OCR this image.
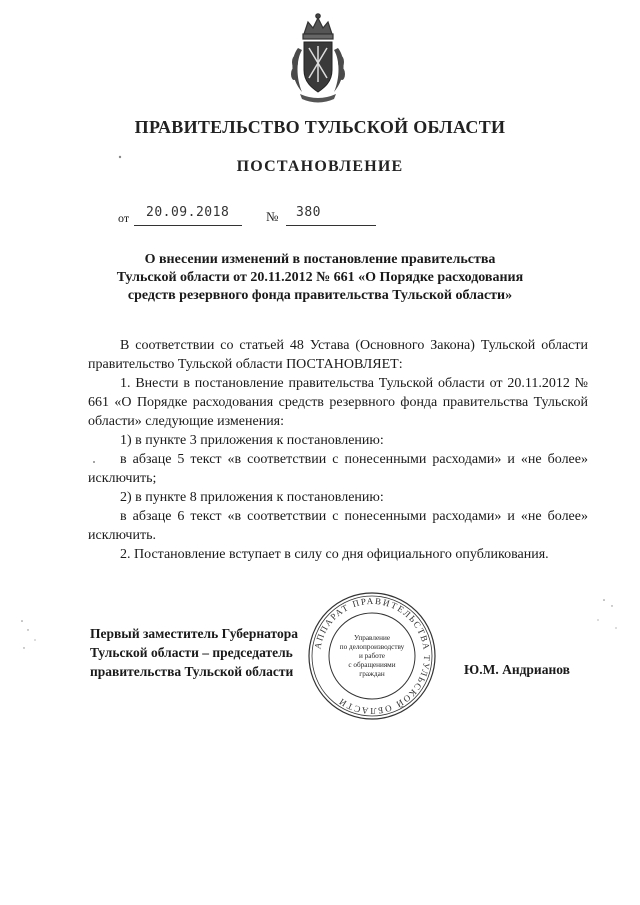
ПРАВИТЕЛЬСТВО ТУЛЬСКОЙ ОБЛАСТИ
ПОСТАНОВЛЕНИЕ
от 20.09.2018	№ 380
О внесении изменений в постановление правительства
Тульской области от 20.11.2012 № 661 «О Порядке расходования
средств резервного фонда правительства Тульской области»

В соответствии со статьей 48 Устава (Основного Закона) Тульской области правительство Тульской области ПОСТАНОВЛЯЕТ:

1. Внести в постановление правительства Тульской области от 20.11.2012 № 661 «О Порядке расходования средств резервного фонда правительства Тульской области» следующие изменения:

1) в пункте 3 приложения к постановлению:

в абзаце 5 текст «в соответствии с понесенными расходами» и «не более» исключить;

2) в пункте 8 приложения к постановлению:

в абзаце 6 текст «в соответствии с понесенными расходами» и «не более» исключить.

2. Постановление вступает в силу со дня официального опубликования.

Первый заместитель Губернатора
Тульской области – председатель
правительства Тульской области
АППАРАТ ПРАВИТЕЛЬСТВА ТУЛЬСКОЙ ОБЛАСТИ
Управление
по делопроизводству
и работе
с обращениями
граждан	Ю.М. Андрианов
